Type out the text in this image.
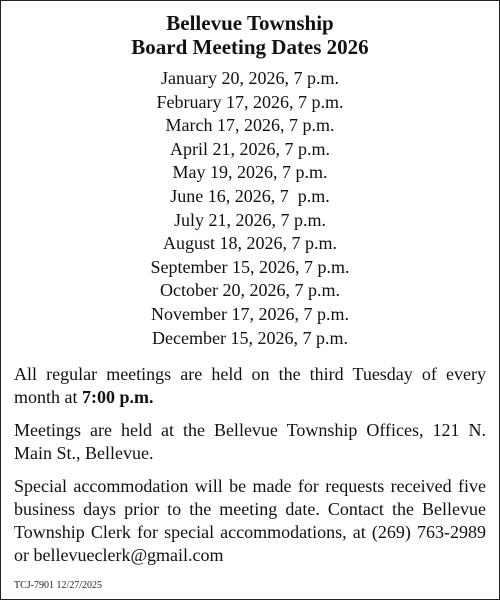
Bellevue Township
Board Meeting Dates 2026
January 20, 2026, 7 p.m.
February 17, 2026, 7 p.m.
March 17, 2026, 7 p.m.
April 21, 2026, 7 p.m.
May 19, 2026, 7 p.m.
June 16, 2026, 7  p.m.
July 21, 2026, 7 p.m.
August 18, 2026, 7 p.m.
September 15, 2026, 7 p.m.
October 20, 2026, 7 p.m.
November 17, 2026, 7 p.m.
December 15, 2026, 7 p.m.

All regular meetings are held on the third Tuesday of every month at 7:00 p.m.

Meetings are held at the Bellevue Township Offices, 121 N. Main St., Bellevue.

Special accommodation will be made for requests received five business days prior to the meeting date. Contact the Bellevue Township Clerk for special accommodations, at (269) 763-2989 or bellevueclerk@gmail.com

TCJ-7901 12/27/2025
